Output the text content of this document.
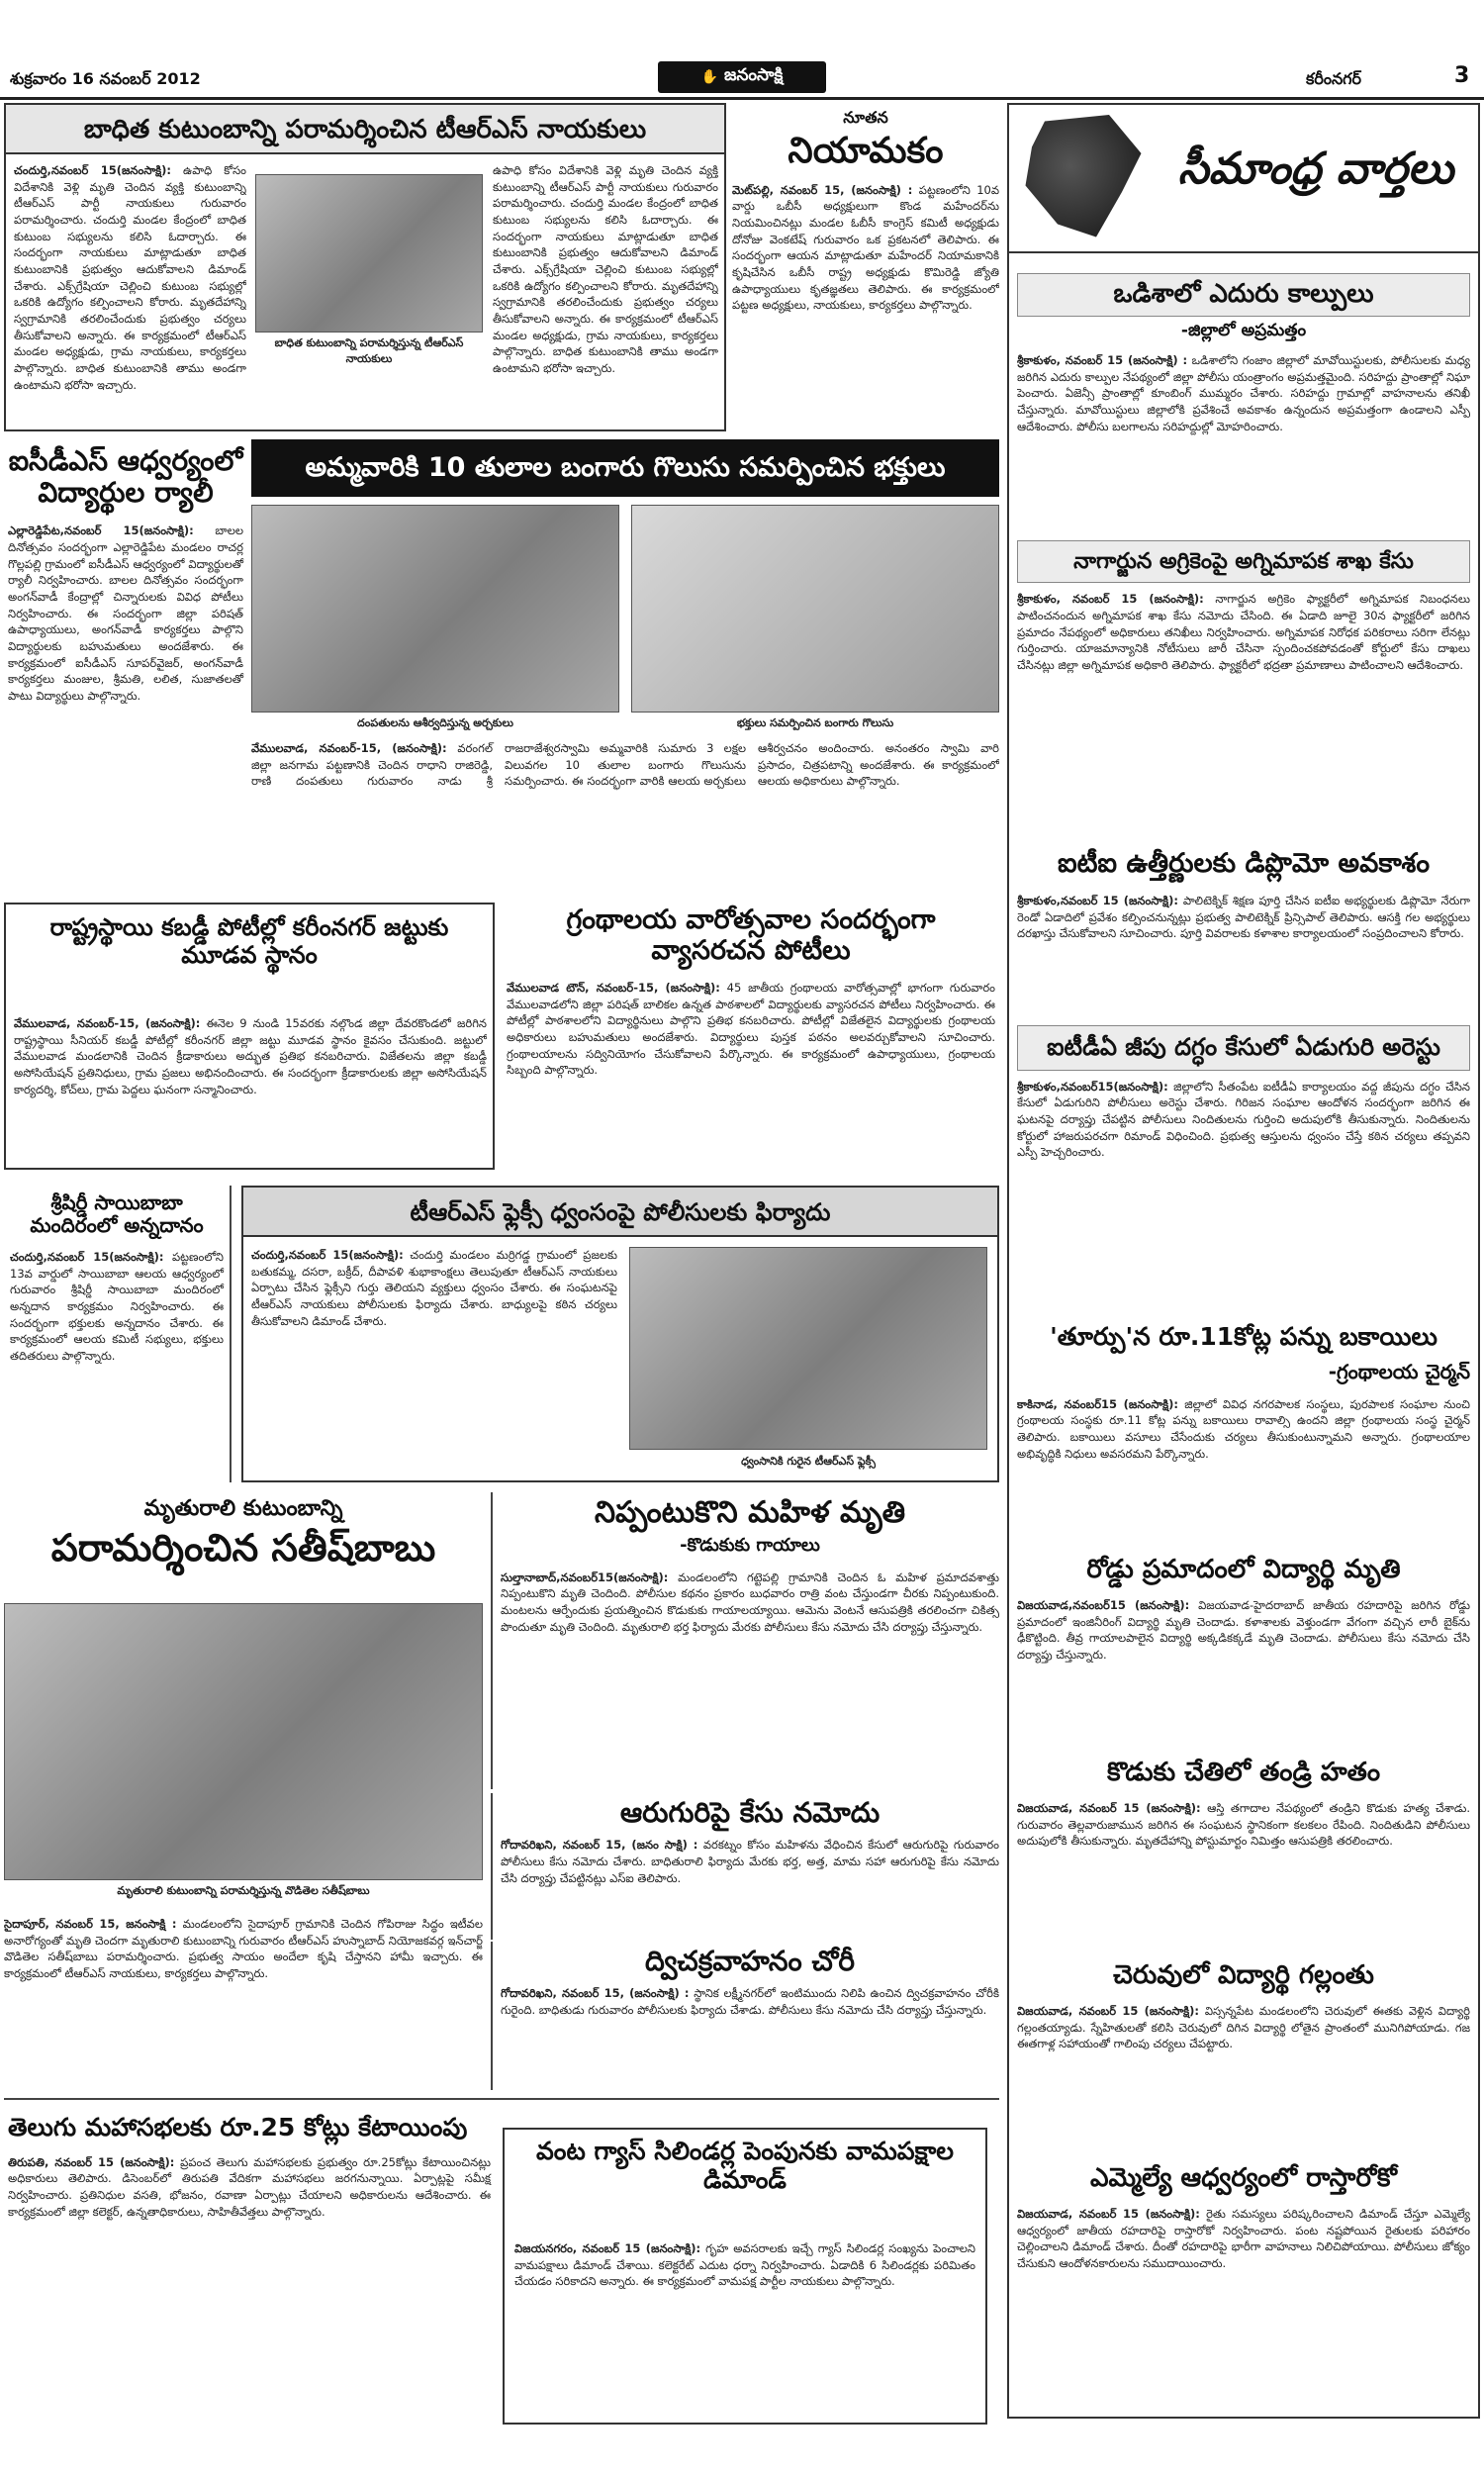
శుక్రవారం 16 నవంబర్ 2012	✋ జనంసాక్షి	కరీంనగర్	3
బాధిత కుటుంబాన్ని పరామర్శించిన టీఆర్ఎస్ నాయకులు
చందుర్తి,నవంబర్ 15(జనంసాక్షి): ఉపాధి కోసం విదేశానికి వెళ్లి మృతి చెందిన వ్యక్తి కుటుంబాన్ని టీఆర్ఎస్ పార్టీ నాయకులు గురువారం పరామర్శించారు. చందుర్తి మండల కేంద్రంలో బాధిత కుటుంబ సభ్యులను కలిసి ఓదార్చారు. ఈ సందర్భంగా నాయకులు మాట్లాడుతూ బాధిత కుటుంబానికి ప్రభుత్వం ఆదుకోవాలని డిమాండ్ చేశారు. ఎక్స్‌గ్రేషియా చెల్లించి కుటుంబ సభ్యుల్లో ఒకరికి ఉద్యోగం కల్పించాలని కోరారు. మృతదేహాన్ని స్వగ్రామానికి తరలించేందుకు ప్రభుత్వం చర్యలు తీసుకోవాలని అన్నారు. ఈ కార్యక్రమంలో టీఆర్ఎస్ మండల అధ్యక్షుడు, గ్రామ నాయకులు, కార్యకర్తలు పాల్గొన్నారు. బాధిత కుటుంబానికి తాము అండగా ఉంటామని భరోసా ఇచ్చారు.
బాధిత కుటుంబాన్ని పరామర్శిస్తున్న టీఆర్ఎస్ నాయకులు
ఉపాధి కోసం విదేశానికి వెళ్లి మృతి చెందిన వ్యక్తి కుటుంబాన్ని టీఆర్ఎస్ పార్టీ నాయకులు గురువారం పరామర్శించారు. చందుర్తి మండల కేంద్రంలో బాధిత కుటుంబ సభ్యులను కలిసి ఓదార్చారు. ఈ సందర్భంగా నాయకులు మాట్లాడుతూ బాధిత కుటుంబానికి ప్రభుత్వం ఆదుకోవాలని డిమాండ్ చేశారు. ఎక్స్‌గ్రేషియా చెల్లించి కుటుంబ సభ్యుల్లో ఒకరికి ఉద్యోగం కల్పించాలని కోరారు. మృతదేహాన్ని స్వగ్రామానికి తరలించేందుకు ప్రభుత్వం చర్యలు తీసుకోవాలని అన్నారు. ఈ కార్యక్రమంలో టీఆర్ఎస్ మండల అధ్యక్షుడు, గ్రామ నాయకులు, కార్యకర్తలు పాల్గొన్నారు. బాధిత కుటుంబానికి తాము అండగా ఉంటామని భరోసా ఇచ్చారు.
నూతన
నియామకం
మెట్‌పల్లి, నవంబర్ 15, (జనంసాక్షి) : పట్టణంలోని 10వ వార్డు ఒబీసీ అధ్యక్షులుగా కొండ మహేందర్‌ను నియమించినట్లు మండల ఓబీసీ కాంగ్రెస్ కమిటీ అధ్యక్షుడు దోనోజు వెంకటేష్ గురువారం ఒక ప్రకటనలో తెలిపారు. ఈ సందర్భంగా ఆయన మాట్లాడుతూ మహేందర్ నియామకానికి కృషిచేసిన ఒబీసీ రాష్ట్ర అధ్యక్షుడు కొమిరెడ్డి జ్యోతి ఉపాధ్యాయులు కృతజ్ఞతలు తెలిపారు. ఈ కార్యక్రమంలో పట్టణ అధ్యక్షులు, నాయకులు, కార్యకర్తలు పాల్గొన్నారు.
ఐసీడీఎస్ ఆధ్వర్యంలో విద్యార్థుల ర్యాలీ
ఎల్లారెడ్డిపేట,నవంబర్ 15(జనంసాక్షి): బాలల దినోత్సవం సందర్భంగా ఎల్లారెడ్డిపేట మండలం రాచర్ల గొల్లపల్లి గ్రామంలో ఐసీడీఎస్ ఆధ్వర్యంలో విద్యార్థులతో ర్యాలీ నిర్వహించారు. బాలల దినోత్సవం సందర్భంగా అంగన్‌వాడీ కేంద్రాల్లో చిన్నారులకు వివిధ పోటీలు నిర్వహించారు. ఈ సందర్భంగా జిల్లా పరిషత్ ఉపాధ్యాయులు, అంగన్‌వాడీ కార్యకర్తలు పాల్గొని విద్యార్థులకు బహుమతులు అందజేశారు. ఈ కార్యక్రమంలో ఐసీడీఎస్ సూపర్‌వైజర్, అంగన్‌వాడీ కార్యకర్తలు మంజుల, శ్రీమతి, లలిత, సుజాతలతో పాటు విద్యార్థులు పాల్గొన్నారు.
అమ్మవారికి 10 తులాల బంగారు గొలుసు సమర్పించిన భక్తులు
దంపతులను ఆశీర్వదిస్తున్న అర్చకులు	భక్తులు సమర్పించిన బంగారు గొలుసు
వేములవాడ, నవంబర్-15, (జనంసాక్షి): వరంగల్ జిల్లా జనగామ పట్టణానికి చెందిన రాధాని రాజిరెడ్డి, రాణి దంపతులు గురువారం నాడు శ్రీ రాజరాజేశ్వరస్వామి అమ్మవారికి సుమారు 3 లక్షల విలువగల 10 తులాల బంగారు గొలుసును సమర్పించారు. ఈ సందర్భంగా వారికి ఆలయ అర్చకులు ఆశీర్వచనం అందించారు. అనంతరం స్వామి వారి ప్రసాదం, చిత్రపటాన్ని అందజేశారు. ఈ కార్యక్రమంలో ఆలయ అధికారులు పాల్గొన్నారు.
రాష్ట్రస్థాయి కబడ్డీ పోటీల్లో కరీంనగర్ జట్టుకు మూడవ స్థానం
వేములవాడ, నవంబర్-15, (జనంసాక్షి): ఈనెల 9 నుండి 15వరకు నల్గొండ జిల్లా దేవరకొండలో జరిగిన రాష్ట్రస్థాయి సీనియర్ కబడ్డీ పోటీల్లో కరీంనగర్ జిల్లా జట్టు మూడవ స్థానం కైవసం చేసుకుంది. జట్టులో వేములవాడ మండలానికి చెందిన క్రీడాకారులు అద్భుత ప్రతిభ కనబరిచారు. విజేతలను జిల్లా కబడ్డీ అసోసియేషన్ ప్రతినిధులు, గ్రామ ప్రజలు అభినందించారు. ఈ సందర్భంగా క్రీడాకారులకు జిల్లా అసోసియేషన్ కార్యదర్శి, కోచ్‌లు, గ్రామ పెద్దలు ఘనంగా సన్మానించారు.
గ్రంథాలయ వారోత్సవాల సందర్భంగా వ్యాసరచన పోటీలు
వేములవాడ టౌన్, నవంబర్-15, (జనంసాక్షి): 45 జాతీయ గ్రంథాలయ వారోత్సవాల్లో భాగంగా గురువారం వేములవాడలోని జిల్లా పరిషత్ బాలికల ఉన్నత పాఠశాలలో విద్యార్థులకు వ్యాసరచన పోటీలు నిర్వహించారు. ఈ పోటీల్లో పాఠశాలలోని విద్యార్థినులు పాల్గొని ప్రతిభ కనబరిచారు. పోటీల్లో విజేతలైన విద్యార్థులకు గ్రంథాలయ అధికారులు బహుమతులు అందజేశారు. విద్యార్థులు పుస్తక పఠనం అలవర్చుకోవాలని సూచించారు. గ్రంథాలయాలను సద్వినియోగం చేసుకోవాలని పేర్కొన్నారు. ఈ కార్యక్రమంలో ఉపాధ్యాయులు, గ్రంథాలయ సిబ్బంది పాల్గొన్నారు.
శ్రీషిర్డీ సాయిబాబా మందిరంలో అన్నదానం
చందుర్తి,నవంబర్ 15(జనంసాక్షి): పట్టణంలోని 13వ వార్డులో సాయిబాబా ఆలయ ఆధ్వర్యంలో గురువారం శ్రీషిర్డీ సాయిబాబా మందిరంలో అన్నదాన కార్యక్రమం నిర్వహించారు. ఈ సందర్భంగా భక్తులకు అన్నదానం చేశారు. ఈ కార్యక్రమంలో ఆలయ కమిటీ సభ్యులు, భక్తులు తదితరులు పాల్గొన్నారు.
టీఆర్ఎస్ ఫ్లెక్సీ ధ్వంసంపై పోలీసులకు ఫిర్యాదు
చందుర్తి,నవంబర్ 15(జనంసాక్షి): చందుర్తి మండలం మర్రిగడ్డ గ్రామంలో ప్రజలకు బతుకమ్మ, దసరా, బక్రీద్, దీపావళి శుభాకాంక్షలు తెలుపుతూ టీఆర్ఎస్ నాయకులు ఏర్పాటు చేసిన ఫ్లెక్సీని గుర్తు తెలియని వ్యక్తులు ధ్వంసం చేశారు. ఈ సంఘటనపై టీఆర్ఎస్ నాయకులు పోలీసులకు ఫిర్యాదు చేశారు. బాధ్యులపై కఠిన చర్యలు తీసుకోవాలని డిమాండ్ చేశారు.
ధ్వంసానికి గురైన టీఆర్ఎస్ ఫ్లెక్సీ
మృతురాలి కుటుంబాన్ని
పరామర్శించిన సతీష్‌బాబు
మృతురాలి కుటుంబాన్ని పరామర్శిస్తున్న వొడితెల సతీష్‌బాబు
సైదాపూర్, నవంబర్ 15, జనంసాక్షి : మండలంలోని సైదాపూర్ గ్రామానికి చెందిన గోపిరాజు సిద్ధం ఇటీవల అనారోగ్యంతో మృతి చెందగా మృతురాలి కుటుంబాన్ని గురువారం టీఆర్ఎస్ హుస్నాబాద్ నియోజకవర్గ ఇన్‌చార్జ్ వొడితెల సతీష్‌బాబు పరామర్శించారు. ప్రభుత్వ సాయం అందేలా కృషి చేస్తానని హామీ ఇచ్చారు. ఈ కార్యక్రమంలో టీఆర్ఎస్ నాయకులు, కార్యకర్తలు పాల్గొన్నారు.
నిప్పంటుకొని మహిళ మృతి
-కొడుకుకు గాయాలు
సుల్తానాబాద్,నవంబర్15(జనంసాక్షి): మండలంలోని గట్టెపల్లి గ్రామానికి చెందిన ఓ మహిళ ప్రమాదవశాత్తు నిప్పంటుకొని మృతి చెందింది. పోలీసుల కథనం ప్రకారం బుధవారం రాత్రి వంట చేస్తుండగా చీరకు నిప్పంటుకుంది. మంటలను ఆర్పేందుకు ప్రయత్నించిన కొడుకుకు గాయాలయ్యాయి. ఆమెను వెంటనే ఆసుపత్రికి తరలించగా చికిత్స పొందుతూ మృతి చెందింది. మృతురాలి భర్త ఫిర్యాదు మేరకు పోలీసులు కేసు నమోదు చేసి దర్యాప్తు చేస్తున్నారు.
ఆరుగురిపై కేసు నమోదు
గోదావరిఖని, నవంబర్ 15, (జనం సాక్షి) : వరకట్నం కోసం మహిళను వేధించిన కేసులో ఆరుగురిపై గురువారం పోలీసులు కేసు నమోదు చేశారు. బాధితురాలి ఫిర్యాదు మేరకు భర్త, అత్త, మామ సహా ఆరుగురిపై కేసు నమోదు చేసి దర్యాప్తు చేపట్టినట్లు ఎస్ఐ తెలిపారు.
ద్విచక్రవాహనం చోరీ
గోదావరిఖని, నవంబర్ 15, (జనంసాక్షి) : స్థానిక లక్ష్మీనగర్‌లో ఇంటిముందు నిలిపి ఉంచిన ద్విచక్రవాహనం చోరీకి గురైంది. బాధితుడు గురువారం పోలీసులకు ఫిర్యాదు చేశాడు. పోలీసులు కేసు నమోదు చేసి దర్యాప్తు చేస్తున్నారు.
తెలుగు మహాసభలకు రూ.25 కోట్లు కేటాయింపు
తిరుపతి, నవంబర్ 15 (జనంసాక్షి): ప్రపంచ తెలుగు మహాసభలకు ప్రభుత్వం రూ.25కోట్లు కేటాయించినట్లు అధికారులు తెలిపారు. డిసెంబర్‌లో తిరుపతి వేదికగా మహాసభలు జరగనున్నాయి. ఏర్పాట్లపై సమీక్ష నిర్వహించారు. ప్రతినిధుల వసతి, భోజనం, రవాణా ఏర్పాట్లు చేయాలని అధికారులను ఆదేశించారు. ఈ కార్యక్రమంలో జిల్లా కలెక్టర్, ఉన్నతాధికారులు, సాహితీవేత్తలు పాల్గొన్నారు.
వంట గ్యాస్ సిలిండర్ల పెంపునకు వామపక్షాల డిమాండ్
విజయనగరం, నవంబర్ 15 (జనంసాక్షి): గృహ అవసరాలకు ఇచ్చే గ్యాస్ సిలిండర్ల సంఖ్యను పెంచాలని వామపక్షాలు డిమాండ్ చేశాయి. కలెక్టరేట్ ఎదుట ధర్నా నిర్వహించారు. ఏడాదికి 6 సిలిండర్లకు పరిమితం చేయడం సరికాదని అన్నారు. ఈ కార్యక్రమంలో వామపక్ష పార్టీల నాయకులు పాల్గొన్నారు.
సీమాంధ్ర వార్తలు
ఒడిశాలో ఎదురు కాల్పులు
-జిల్లాలో అప్రమత్తం
శ్రీకాకుళం, నవంబర్ 15 (జనంసాక్షి) : ఒడిశాలోని గంజాం జిల్లాలో మావోయిస్టులకు, పోలీసులకు మధ్య జరిగిన ఎదురు కాల్పుల నేపథ్యంలో జిల్లా పోలీసు యంత్రాంగం అప్రమత్తమైంది. సరిహద్దు ప్రాంతాల్లో నిఘా పెంచారు. ఏజెన్సీ ప్రాంతాల్లో కూంబింగ్ ముమ్మరం చేశారు. సరిహద్దు గ్రామాల్లో వాహనాలను తనిఖీ చేస్తున్నారు. మావోయిస్టులు జిల్లాలోకి ప్రవేశించే అవకాశం ఉన్నందున అప్రమత్తంగా ఉండాలని ఎస్పీ ఆదేశించారు. పోలీసు బలగాలను సరిహద్దుల్లో మోహరించారు.
నాగార్జున అగ్రికెంపై అగ్నిమాపక శాఖ కేసు
శ్రీకాకుళం, నవంబర్ 15 (జనంసాక్షి): నాగార్జున అగ్రికెం ఫ్యాక్టరీలో అగ్నిమాపక నిబంధనలు పాటించనందున అగ్నిమాపక శాఖ కేసు నమోదు చేసింది. ఈ ఏడాది జూలై 30న ఫ్యాక్టరీలో జరిగిన ప్రమాదం నేపథ్యంలో అధికారులు తనిఖీలు నిర్వహించారు. అగ్నిమాపక నిరోధక పరికరాలు సరిగా లేనట్లు గుర్తించారు. యాజమాన్యానికి నోటీసులు జారీ చేసినా స్పందించకపోవడంతో కోర్టులో కేసు దాఖలు చేసినట్లు జిల్లా అగ్నిమాపక అధికారి తెలిపారు. ఫ్యాక్టరీలో భద్రతా ప్రమాణాలు పాటించాలని ఆదేశించారు.
ఐటీఐ ఉత్తీర్ణులకు డిప్లొమో అవకాశం
శ్రీకాకుళం,నవంబర్ 15 (జనంసాక్షి): పాలిటెక్నిక్ శిక్షణ పూర్తి చేసిన ఐటీఐ అభ్యర్థులకు డిప్లొమో నేరుగా రెండో ఏడాదిలో ప్రవేశం కల్పించనున్నట్లు ప్రభుత్వ పాలిటెక్నిక్ ప్రిన్సిపాల్ తెలిపారు. ఆసక్తి గల అభ్యర్థులు దరఖాస్తు చేసుకోవాలని సూచించారు. పూర్తి వివరాలకు కళాశాల కార్యాలయంలో సంప్రదించాలని కోరారు.
ఐటీడీఏ జీపు దగ్ధం కేసులో ఏడుగురి అరెస్టు
శ్రీకాకుళం,నవంబర్15(జనంసాక్షి): జిల్లాలోని సీతంపేట ఐటీడీఏ కార్యాలయం వద్ద జీపును దగ్ధం చేసిన కేసులో ఏడుగురిని పోలీసులు అరెస్టు చేశారు. గిరిజన సంఘాల ఆందోళన సందర్భంగా జరిగిన ఈ ఘటనపై దర్యాప్తు చేపట్టిన పోలీసులు నిందితులను గుర్తించి అదుపులోకి తీసుకున్నారు. నిందితులను కోర్టులో హాజరుపరచగా రిమాండ్ విధించింది. ప్రభుత్వ ఆస్తులను ధ్వంసం చేస్తే కఠిన చర్యలు తప్పవని ఎస్పీ హెచ్చరించారు.
'తూర్పు'న రూ.11కోట్ల పన్ను బకాయిలు
-గ్రంథాలయ చైర్మన్
కాకినాడ, నవంబర్15 (జనంసాక్షి): జిల్లాలో వివిధ నగరపాలక సంస్థలు, పురపాలక సంఘాల నుంచి గ్రంథాలయ సంస్థకు రూ.11 కోట్ల పన్ను బకాయిలు రావాల్సి ఉందని జిల్లా గ్రంథాలయ సంస్థ చైర్మన్ తెలిపారు. బకాయిలు వసూలు చేసేందుకు చర్యలు తీసుకుంటున్నామని అన్నారు. గ్రంథాలయాల అభివృద్ధికి నిధులు అవసరమని పేర్కొన్నారు.
రోడ్డు ప్రమాదంలో విద్యార్థి మృతి
విజయవాడ,నవంబర్15 (జనంసాక్షి): విజయవాడ-హైదరాబాద్ జాతీయ రహదారిపై జరిగిన రోడ్డు ప్రమాదంలో ఇంజినీరింగ్ విద్యార్థి మృతి చెందాడు. కళాశాలకు వెళ్తుండగా వేగంగా వచ్చిన లారీ బైక్‌ను ఢీకొట్టింది. తీవ్ర గాయాలపాలైన విద్యార్థి అక్కడికక్కడే మృతి చెందాడు. పోలీసులు కేసు నమోదు చేసి దర్యాప్తు చేస్తున్నారు.
కొడుకు చేతిలో తండ్రి హతం
విజయవాడ, నవంబర్ 15 (జనంసాక్షి): ఆస్తి తగాదాల నేపథ్యంలో తండ్రిని కొడుకు హత్య చేశాడు. గురువారం తెల్లవారుజామున జరిగిన ఈ సంఘటన స్థానికంగా కలకలం రేపింది. నిందితుడిని పోలీసులు అదుపులోకి తీసుకున్నారు. మృతదేహాన్ని పోస్టుమార్టం నిమిత్తం ఆసుపత్రికి తరలించారు.
చెరువులో విద్యార్థి గల్లంతు
విజయవాడ, నవంబర్ 15 (జనంసాక్షి): విస్సన్నపేట మండలంలోని చెరువులో ఈతకు వెళ్లిన విద్యార్థి గల్లంతయ్యాడు. స్నేహితులతో కలిసి చెరువులో దిగిన విద్యార్థి లోతైన ప్రాంతంలో మునిగిపోయాడు. గజ ఈతగాళ్ల సహాయంతో గాలింపు చర్యలు చేపట్టారు.
ఎమ్మెల్యే ఆధ్వర్యంలో రాస్తారోకో
విజయవాడ, నవంబర్ 15 (జనంసాక్షి): రైతు సమస్యలు పరిష్కరించాలని డిమాండ్ చేస్తూ ఎమ్మెల్యే ఆధ్వర్యంలో జాతీయ రహదారిపై రాస్తారోకో నిర్వహించారు. పంట నష్టపోయిన రైతులకు పరిహారం చెల్లించాలని డిమాండ్ చేశారు. దీంతో రహదారిపై భారీగా వాహనాలు నిలిచిపోయాయి. పోలీసులు జోక్యం చేసుకుని ఆందోళనకారులను సముదాయించారు.
